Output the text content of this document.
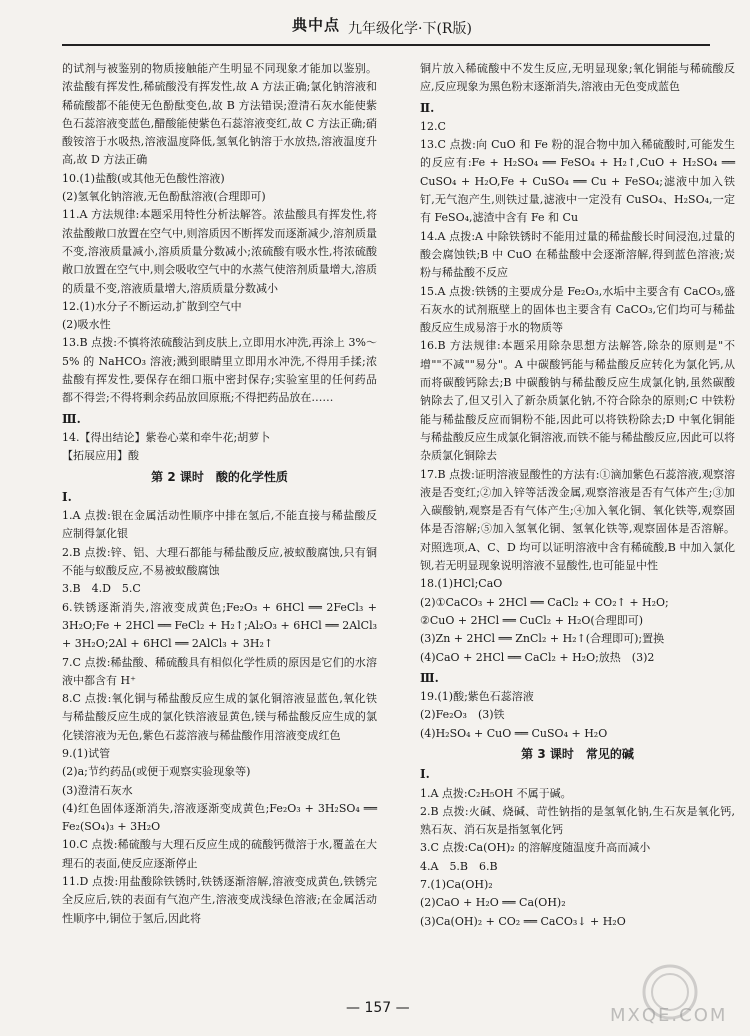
典中点 九年级化学·下(R版)
的试剂与被鉴别的物质接触能产生明显不同现象才能加以鉴别。浓盐酸有挥发性,稀硫酸没有挥发性,故 A 方法正确;氯化钠溶液和稀硫酸都不能使无色酚酞变色,故 B 方法错误;澄清石灰水能使紫色石蕊溶液变蓝色,醋酸能使紫色石蕊溶液变红,故 C 方法正确;硝酸铵溶于水吸热,溶液温度降低,氢氧化钠溶于水放热,溶液温度升高,故 D 方法正确
10.(1)盐酸(或其他无色酸性溶液)
(2)氢氧化钠溶液,无色酚酞溶液(合理即可)
11.A 方法规律:本题采用特性分析法解答。浓盐酸具有挥发性,将浓盐酸敞口放置在空气中,则溶质因不断挥发而逐渐减少,溶剂质量不变,溶液质量减小,溶质质量分数减小;浓硫酸有吸水性,将浓硫酸敞口放置在空气中,则会吸收空气中的水蒸气使溶剂质量增大,溶质的质量不变,溶液质量增大,溶质质量分数减小
12.(1)水分子不断运动,扩散到空气中
(2)吸水性
13.B 点拨:不慎将浓硫酸沾到皮肤上,立即用水冲洗,再涂上 3%～5% 的 NaHCO₃ 溶液;溅到眼睛里立即用水冲洗,不得用手揉;浓盐酸有挥发性,要保存在细口瓶中密封保存;实验室里的任何药品都不得尝;不得将剩余药品放回原瓶;不得把药品放在……
Ⅲ.
14.【得出结论】紫卷心菜和牵牛花;胡萝卜
【拓展应用】酸
第 2 课时　酸的化学性质
Ⅰ.
1.A 点拨:银在金属活动性顺序中排在氢后,不能直接与稀盐酸反应制得氯化银
2.B 点拨:锌、铝、大理石都能与稀盐酸反应,被蚁酸腐蚀,只有铜不能与蚁酸反应,不易被蚁酸腐蚀
3.B　4.D　5.C
6.铁锈逐渐消失,溶液变成黄色;Fe₂O₃ + 6HCl ══ 2FeCl₃ + 3H₂O;Fe + 2HCl ══ FeCl₂ + H₂↑;Al₂O₃ + 6HCl ══ 2AlCl₃ + 3H₂O;2Al + 6HCl ══ 2AlCl₃ + 3H₂↑
7.C 点拨:稀盐酸、稀硫酸具有相似化学性质的原因是它们的水溶液中都含有 H⁺
8.C 点拨:氧化铜与稀盐酸反应生成的氯化铜溶液显蓝色,氧化铁与稀盐酸反应生成的氯化铁溶液显黄色,镁与稀盐酸反应生成的氯化镁溶液为无色,紫色石蕊溶液与稀盐酸作用溶液变成红色
9.(1)试管
(2)a;节约药品(或便于观察实验现象等)
(3)澄清石灰水
(4)红色固体逐渐消失,溶液逐渐变成黄色;Fe₂O₃ + 3H₂SO₄ ══ Fe₂(SO₄)₃ + 3H₂O
10.C 点拨:稀硫酸与大理石反应生成的硫酸钙微溶于水,覆盖在大理石的表面,使反应逐渐停止
11.D 点拨:用盐酸除铁锈时,铁锈逐渐溶解,溶液变成黄色,铁锈完全反应后,铁的表面有气泡产生,溶液变成浅绿色溶液;在金属活动性顺序中,铜位于氢后,因此将
铜片放入稀硫酸中不发生反应,无明显现象;氧化铜能与稀硫酸反应,反应现象为黑色粉末逐渐消失,溶液由无色变成蓝色
Ⅱ.
12.C
13.C 点拨:向 CuO 和 Fe 粉的混合物中加入稀硫酸时,可能发生的反应有:Fe + H₂SO₄ ══ FeSO₄ + H₂↑,CuO + H₂SO₄ ══ CuSO₄ + H₂O,Fe + CuSO₄ ══ Cu + FeSO₄;滤液中加入铁钉,无气泡产生,则铁过量,滤液中一定没有 CuSO₄、H₂SO₄,一定有 FeSO₄,滤渣中含有 Fe 和 Cu
14.A 点拨:A 中除铁锈时不能用过量的稀盐酸长时间浸泡,过量的酸会腐蚀铁;B 中 CuO 在稀盐酸中会逐渐溶解,得到蓝色溶液;炭粉与稀盐酸不反应
15.A 点拨:铁锈的主要成分是 Fe₂O₃,水垢中主要含有 CaCO₃,盛石灰水的试剂瓶壁上的固体也主要含有 CaCO₃,它们均可与稀盐酸反应生成易溶于水的物质等
16.B 方法规律:本题采用除杂思想方法解答,除杂的原则是"不增""不减""易分"。A 中碳酸钙能与稀盐酸反应转化为氯化钙,从而将碳酸钙除去;B 中碳酸钠与稀盐酸反应生成氯化钠,虽然碳酸钠除去了,但又引入了新杂质氯化钠,不符合除杂的原则;C 中铁粉能与稀盐酸反应而铜粉不能,因此可以将铁粉除去;D 中氧化铜能与稀盐酸反应生成氯化铜溶液,而铁不能与稀盐酸反应,因此可以将杂质氯化铜除去
17.B 点拨:证明溶液显酸性的方法有:①滴加紫色石蕊溶液,观察溶液是否变红;②加入锌等活泼金属,观察溶液是否有气体产生;③加入碳酸钠,观察是否有气体产生;④加入氧化铜、氧化铁等,观察固体是否溶解;⑤加入氢氧化铜、氢氧化铁等,观察固体是否溶解。对照选项,A、C、D 均可以证明溶液中含有稀硫酸,B 中加入氯化钡,若无明显现象说明溶液不显酸性,也可能显中性
18.(1)HCl;CaO
(2)①CaCO₃ + 2HCl ══ CaCl₂ + CO₂↑ + H₂O;
②CuO + 2HCl ══ CuCl₂ + H₂O(合理即可)
(3)Zn + 2HCl ══ ZnCl₂ + H₂↑(合理即可);置换
(4)CaO + 2HCl ══ CaCl₂ + H₂O;放热　(3)2
Ⅲ.
19.(1)酸;紫色石蕊溶液
(2)Fe₂O₃　(3)铁
(4)H₂SO₄ + CuO ══ CuSO₄ + H₂O
第 3 课时　常见的碱
Ⅰ.
1.A 点拨:C₂H₅OH 不属于碱。
2.B 点拨:火碱、烧碱、苛性钠指的是氢氧化钠,生石灰是氧化钙,熟石灰、消石灰是指氢氧化钙
3.C 点拨:Ca(OH)₂ 的溶解度随温度升高而减小
4.A　5.B　6.B
7.(1)Ca(OH)₂
(2)CaO + H₂O ══ Ca(OH)₂
(3)Ca(OH)₂ + CO₂ ══ CaCO₃↓ + H₂O
— 157 —	MXQE.COM
